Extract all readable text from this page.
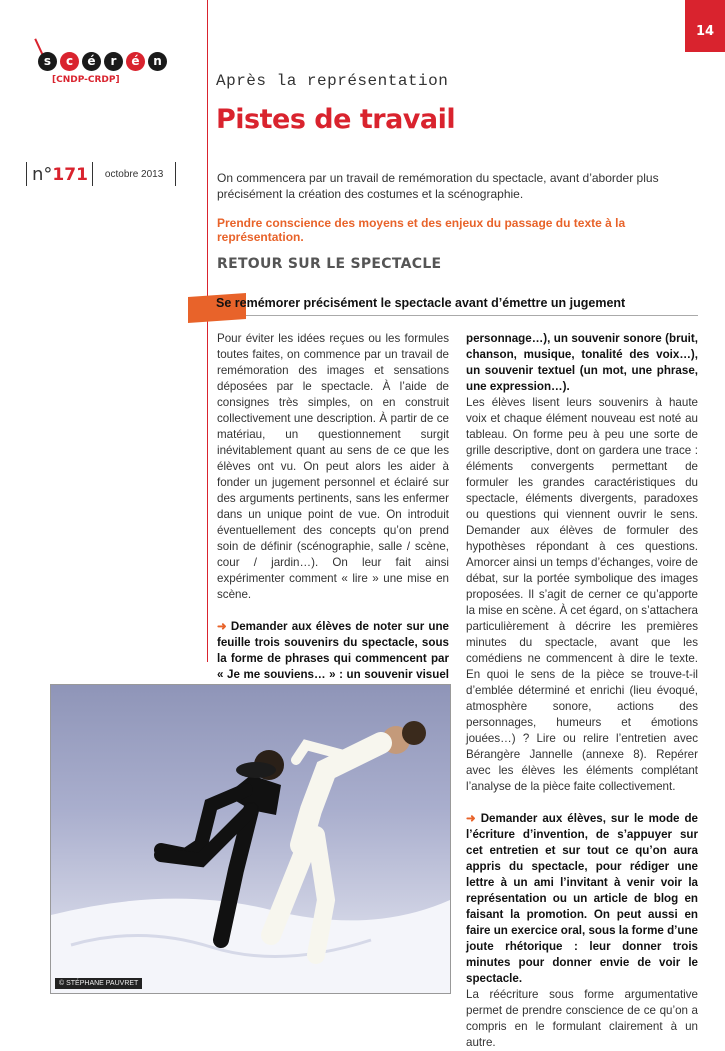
14
s	c	é	r	é	n
[CNDP-CRDP]	Après la représentation
Pistes de travail
n°171	octobre 2013	On commencera par un travail de remémoration du spectacle, avant d’aborder plus précisément la création des costumes et la scénographie.

Prendre conscience des moyens et des enjeux du passage du texte à la représentation.

RETOUR SUR LE SPECTACLE
Se remémorer précisément le spectacle avant d’émettre un jugement

Pour éviter les idées reçues ou les formules toutes faites, on commence par un travail de remémoration des images et sensations déposées par le spectacle. À l’aide de consignes très simples, on en construit collectivement une description. À partir de ce matériau, un questionnement surgit inévitablement quant au sens de ce que les élèves ont vu. On peut alors les aider à fonder un jugement personnel et éclairé sur des arguments pertinents, sans les enfermer dans un unique point de vue. On introduit éventuellement des concepts qu’on prend soin de définir (scénographie, salle / scène, cour / jardin…). On leur fait ainsi expérimenter comment « lire » une mise en scène.

➜ Demander aux élèves de noter sur une feuille trois souvenirs du spectacle, sous la forme de phrases qui commencent par « Je me souviens… » : un souvenir visuel

personnage…), un souvenir sonore (bruit, chanson, musique, tonalité des voix…), un souvenir textuel (un mot, une phrase, une expression…).

Les élèves lisent leurs souvenirs à haute voix et chaque élément nouveau est noté au tableau. On forme peu à peu une sorte de grille descriptive, dont on gardera une trace : éléments convergents permettant de formuler les grandes caractéristiques du spectacle, éléments divergents, paradoxes ou questions qui viennent ouvrir le sens. Demander aux élèves de formuler des hypothèses répondant à ces questions. Amorcer ainsi un temps d’échanges, voire de débat, sur la portée symbolique des images proposées. Il s’agit de cerner ce qu’apporte la mise en scène. À cet égard, on s’attachera particulièrement à décrire les premières minutes du spectacle, avant que les comédiens ne commencent à dire le texte. En quoi le sens de la pièce se trouve-t-il d’emblée déterminé et enrichi (lieu évoqué, atmosphère sonore, actions des personnages, humeurs et émotions jouées…) ? Lire ou relire l’entretien avec Bérangère Jannelle (annexe 8). Repérer avec les élèves les éléments complétant l’analyse de la pièce faite collectivement.

➜ Demander aux élèves, sur le mode de l’écriture d’invention, de s’appuyer sur cet entretien et sur tout ce qu’on aura appris du spectacle, pour rédiger une lettre à un ami l’invitant à venir voir la représentation ou un article de blog en faisant la promotion. On peut aussi en faire un exercice oral, sous la forme d’une joute rhétorique : leur donner trois minutes pour donner envie de voir le spectacle.

La réécriture sous forme argumentative permet de prendre conscience de ce qu’on a compris en le formulant clairement à un autre.

© STÉPHANE PAUVRET
